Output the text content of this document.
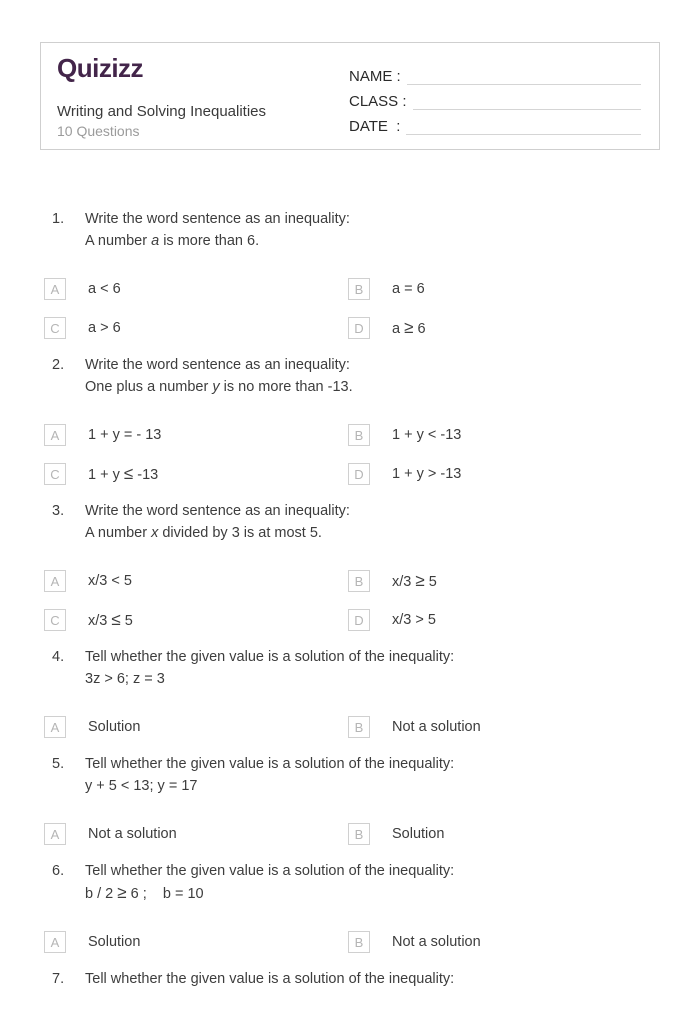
Quizizz
Writing and Solving Inequalities
10 Questions
NAME :
CLASS :
DATE  :
1.	Write the word sentence as an inequality:
A number a is more than 6.
A	a < 6	B	a = 6
C	a > 6	D	a ≥ 6
2.	Write the word sentence as an inequality:
One plus a number y is no more than -13.
A	1 + y = - 13	B	1 + y < -13
C	1 + y ≤ -13	D	1 + y > -13
3.	Write the word sentence as an inequality:
A number x divided by 3 is at most 5.
A	x/3 < 5	B	x/3 ≥ 5
C	x/3 ≤ 5	D	x/3 > 5
4.	Tell whether the given value is a solution of the inequality:
3z > 6; z = 3
A	Solution	B	Not a solution
5.	Tell whether the given value is a solution of the inequality:
y + 5 < 13; y = 17
A	Not a solution	B	Solution
6.	Tell whether the given value is a solution of the inequality:
b / 2 ≥ 6 ;    b = 10
A	Solution	B	Not a solution
7.	Tell whether the given value is a solution of the inequality:
